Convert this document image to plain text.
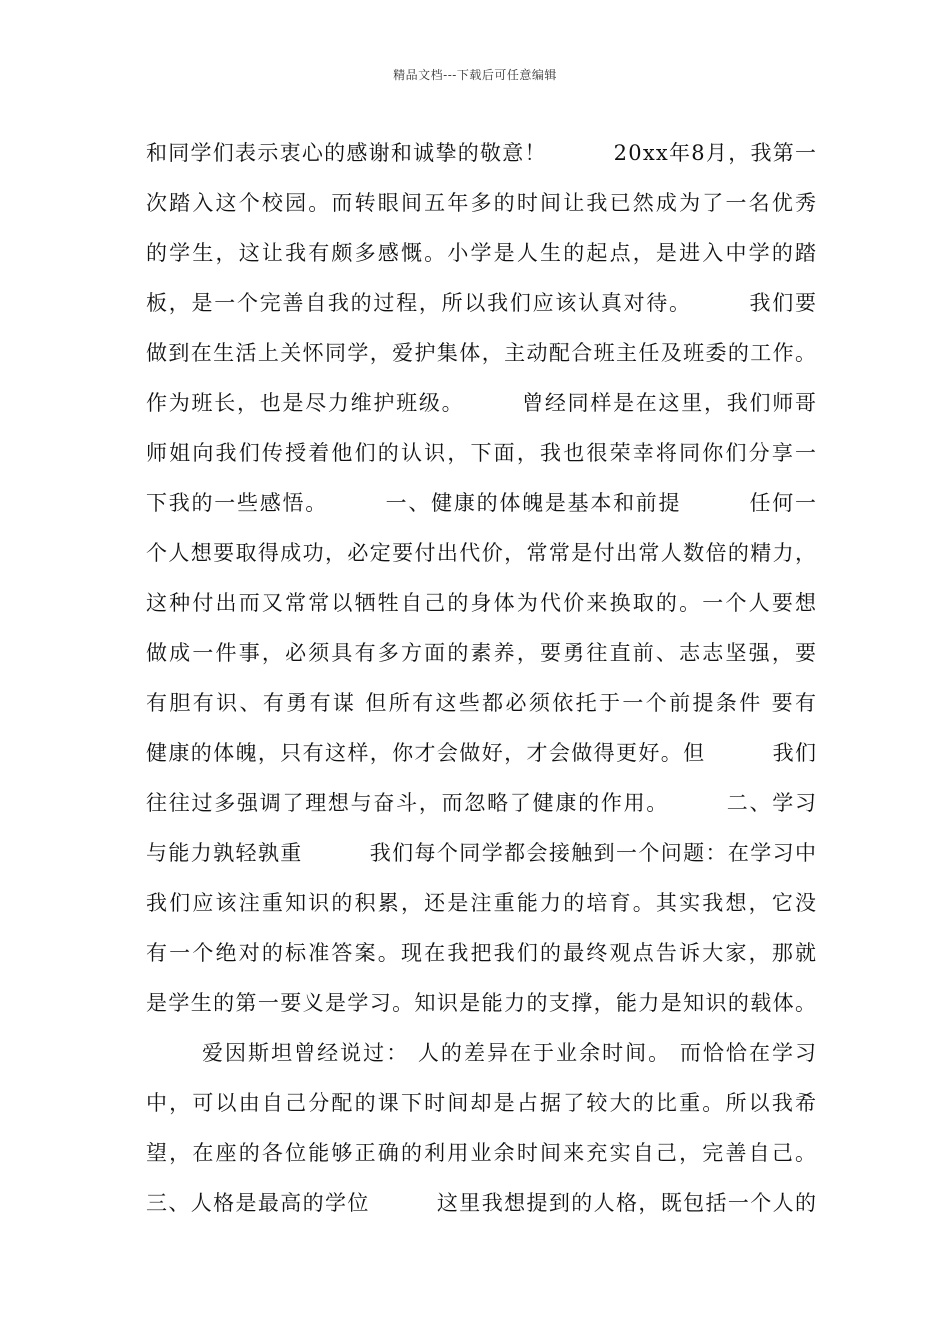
精品文档---下载后可任意编辑
和同学们表示衷心的感谢和诚挚的敬意！　　　20xx年8月，我第一
次踏入这个校园。而转眼间五年多的时间让我已然成为了一名优秀
的学生，这让我有颇多感慨。小学是人生的起点，是进入中学的踏
板，是一个完善自我的过程，所以我们应该认真对待。　　　我们要
做到在生活上关怀同学，爱护集体，主动配合班主任及班委的工作。
作为班长，也是尽力维护班级。　　　曾经同样是在这里，我们师哥
师姐向我们传授着他们的认识，下面，我也很荣幸将同你们分享一
下我的一些感悟。　　　一、健康的体魄是基本和前提　　　任何一
个人想要取得成功，必定要付出代价，常常是付出常人数倍的精力，
这种付出而又常常以牺牲自己的身体为代价来换取的。一个人要想
做成一件事，必须具有多方面的素养，要勇往直前、志志坚强，要
有胆有识、有勇有谋 但所有这些都必须依托于一个前提条件 要有
健康的体魄，只有这样，你才会做好，才会做得更好。但　　　我们
往往过多强调了理想与奋斗，而忽略了健康的作用。　　　二、学习
与能力孰轻孰重　　　我们每个同学都会接触到一个问题：在学习中
我们应该注重知识的积累，还是注重能力的培育。其实我想，它没
有一个绝对的标准答案。现在我把我们的最终观点告诉大家，那就
是学生的第一要义是学习。知识是能力的支撑，能力是知识的载体。
爱因斯坦曾经说过： 人的差异在于业余时间。 而恰恰在学习
中，可以由自己分配的课下时间却是占据了较大的比重。所以我希
望，在座的各位能够正确的利用业余时间来充实自己，完善自己。
三、人格是最高的学位　　　这里我想提到的人格，既包括一个人的
